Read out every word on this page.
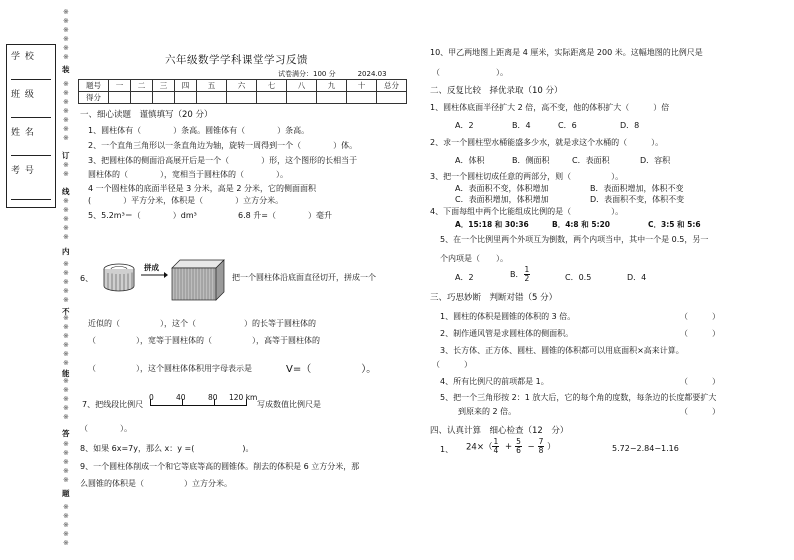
学 校
班 级
姓 名
考 号
※
※
※
※
※
※
※
※
※
※
※
※
※
※
※
※
※
※
※
※
※
※
※
※
※
※
※
※
※
※
※
※
※
※
※
※
※
※
※
※
※
※
※
※
※
※
装
订
线
内
不
能
答
题
六年级数学学科课堂学习反馈
试卷满分：100 分	2024.03
题号	一	二	三	四	五	六	七	八	九	十	总分
得分											
一、细心读题　谨慎填写（20 分）
1、圆柱体有（　　　　）条高。圆锥体有（　　　　）条高。
2、一个直角三角形以一条直角边为轴，旋转一周得到一个（　　　　）体。
3、把圆柱体的侧面沿高展开后是一个（　　　　）形，这个图形的长相当于
圆柱体的（　　　　），宽相当于圆柱体的（　　　　）。
4 一个圆柱体的底面半径是 3 分米，高是 2 分米，它的侧面面积
(　　　　）平方分米，体积是（　　　　）立方分米。
5、5.2m³＝（　　　　）dm³	6.8 升=（　　　　）毫升
6、
拼成
把一个圆柱体沿底面直径切开，拼成一个
近似的（　　　　　），这个（　　　　　　）的长等于圆柱体的
（　　　　　），宽等于圆柱体的（　　　　　），高等于圆柱体的
（　　　　　），这个圆柱体体积用字母表示是	V=（　　　　　）。
7、把线段比例尺
0	40	80 120 km
写成数值比例尺是
（　　　　）。
8、如果 6x=7y，那么 x：y =(　　　　　　)。
9、一个圆柱体削成一个和它等底等高的圆锥体。削去的体积是 6 立方分米，那
么圆锥的体积是（　　　　　）立方分米。
10、甲乙两地图上距离是 4 厘米，实际距离是 200 米。这幅地图的比例尺是
（　　　　　　　）。
二、反复比较　择优录取（10 分）
1、圆柱体底面半径扩大 2 倍，高不变，他的体积扩大（　　　）倍
A．2	B．4	C．6	D．8
2、求一个圆柱型水桶能盛多少水，就是求这个水桶的（　　　）。
A．体积	B．侧面积	C．表面积	D．容积
3、把一个圆柱切成任意的两部分，则（　　　　　）。
A．表面积不变，体积增加	B．表面积增加，体积不变
C．表面积增加，体积增加	D．表面积不变，体积不变
4、下面每组中两个比能组成比例的是（　　　　　）。
A．15:18 和 30:36	B．4:8 和 5:20	C．3:5 和 5:6
5、在一个比例里两个外项互为倒数，两个内项当中，其中一个是 0.5，另一
个内项是（　　）。
A．2	B． $\frac{1}{2}$	C．0.5	D．4
三、巧思妙断　判断对错（5 分）
1、圆柱的体积是圆锥的体积的 3 倍。	（　　　）
2、制作通风管是求圆柱体的侧面积。	（　　　）
3、长方体、正方体、圆柱、圆锥的体积都可以用底面积×高来计算。
（　　　）
4、所有比例尺的前项都是 1。	（　　　）
5、把一个三角形按 2：1 放大后，它的每个角的度数，每条边的长度都要扩大
到原来的 2 倍。	（　　　）
四、认真计算　细心检查（12　分）
1、 $24\times( \frac{1}{4} + \frac{5}{6} - \frac{7}{8}$ ）	5.72−2.84−1.16
